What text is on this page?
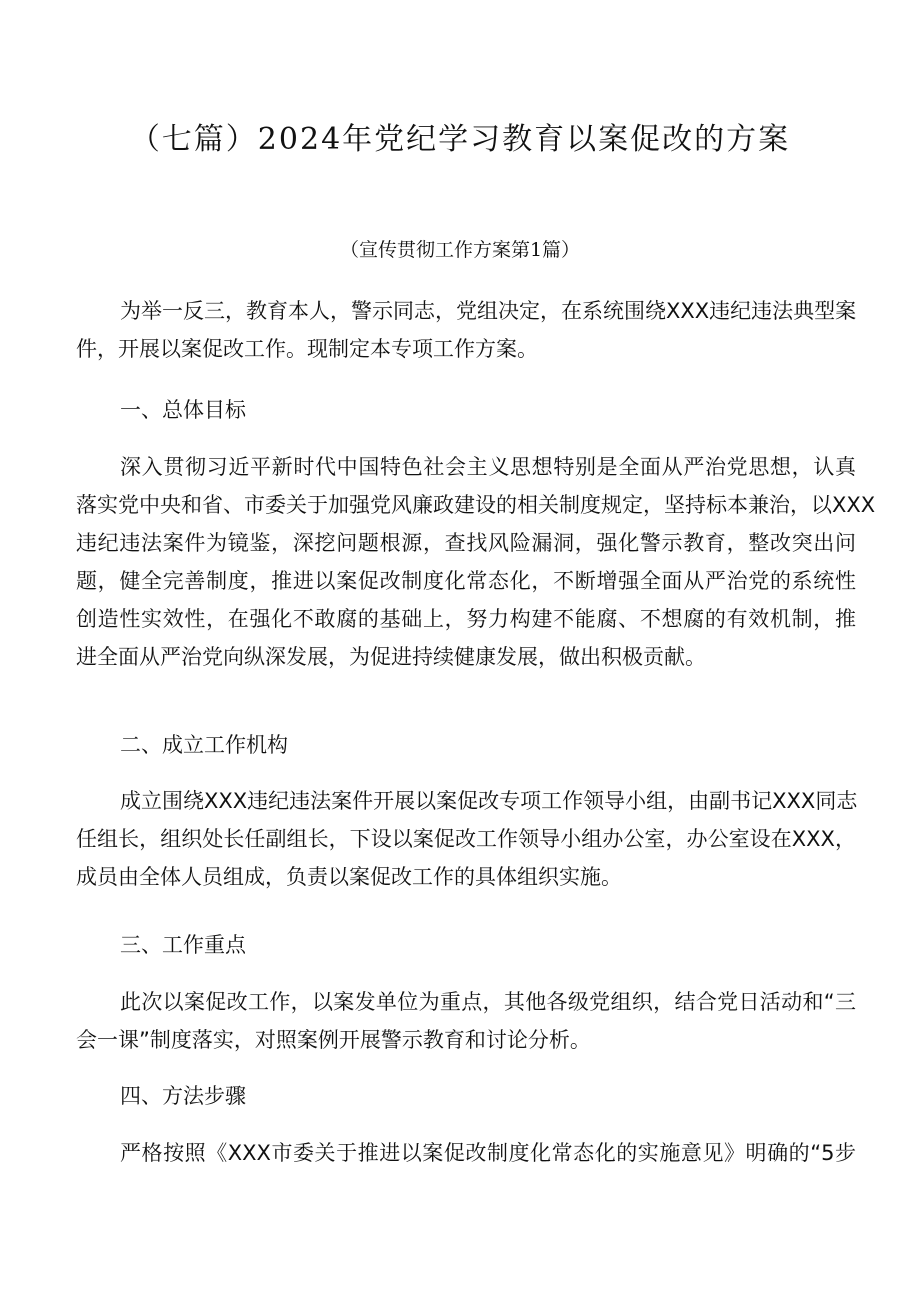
（七篇）2024年党纪学习教育以案促改的方案
（宣传贯彻工作方案第1篇）
为举一反三，教育本人，警示同志，党组决定，在系统围绕XXX违纪违法典型案
件，开展以案促改工作。现制定本专项工作方案。
一、总体目标
深入贯彻习近平新时代中国特色社会主义思想特别是全面从严治党思想，认真
落实党中央和省、市委关于加强党风廉政建设的相关制度规定，坚持标本兼治，以XXX
违纪违法案件为镜鉴，深挖问题根源，查找风险漏洞，强化警示教育，整改突出问
题，健全完善制度，推进以案促改制度化常态化，不断增强全面从严治党的系统性
创造性实效性，在强化不敢腐的基础上，努力构建不能腐、不想腐的有效机制，推
进全面从严治党向纵深发展，为促进持续健康发展，做出积极贡献。
二、成立工作机构
成立围绕XXX违纪违法案件开展以案促改专项工作领导小组，由副书记XXX同志
任组长，组织处长任副组长，下设以案促改工作领导小组办公室，办公室设在XXX，
成员由全体人员组成，负责以案促改工作的具体组织实施。
三、工作重点
此次以案促改工作，以案发单位为重点，其他各级党组织，结合党日活动和“三
会一课”制度落实，对照案例开展警示教育和讨论分析。
四、方法步骤
严格按照《XXX市委关于推进以案促改制度化常态化的实施意见》明确的“5步
